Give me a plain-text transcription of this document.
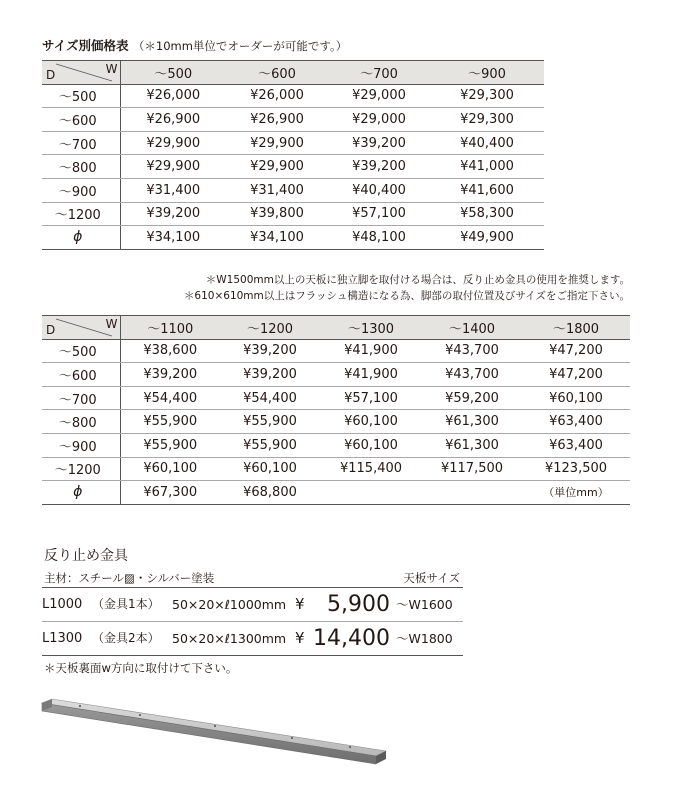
サイズ別価格表 （＊10mm単位でオーダーが可能です。）
D W	～500	～600	～700	～900
～500	¥26,000	¥26,000	¥29,000	¥29,300
～600	¥26,900	¥26,900	¥29,000	¥29,300
～700	¥29,900	¥29,900	¥39,200	¥40,400
～800	¥29,900	¥29,900	¥39,200	¥41,000
～900	¥31,400	¥31,400	¥40,400	¥41,600
～1200	¥39,200	¥39,800	¥57,100	¥58,300
ϕ	¥34,100	¥34,100	¥48,100	¥49,900
＊W1500mm以上の天板に独立脚を取付ける場合は、反り止め金具の使用を推奨します。
＊610×610mm以上はフラッシュ構造になる為、脚部の取付位置及びサイズをご指定下さい。
D W	～1100	～1200	～1300	～1400	～1800
～500	¥38,600	¥39,200	¥41,900	¥43,700	¥47,200
～600	¥39,200	¥39,200	¥41,900	¥43,700	¥47,200
～700	¥54,400	¥54,400	¥57,100	¥59,200	¥60,100
～800	¥55,900	¥55,900	¥60,100	¥61,300	¥63,400
～900	¥55,900	¥55,900	¥60,100	¥61,300	¥63,400
～1200	¥60,100	¥60,100	¥115,400	¥117,500	¥123,500
ϕ	¥67,300	¥68,800			（単位mm）
反り止め金具
主材：スチール▨・シルバー塗装	天板サイズ
L1000 （金具1本） 50×20×ℓ1000mm ¥	5,900 ～W1600
L1300 （金具2本） 50×20×ℓ1300mm ¥ 14,400 ～W1800
＊天板裏面w方向に取付けて下さい。
